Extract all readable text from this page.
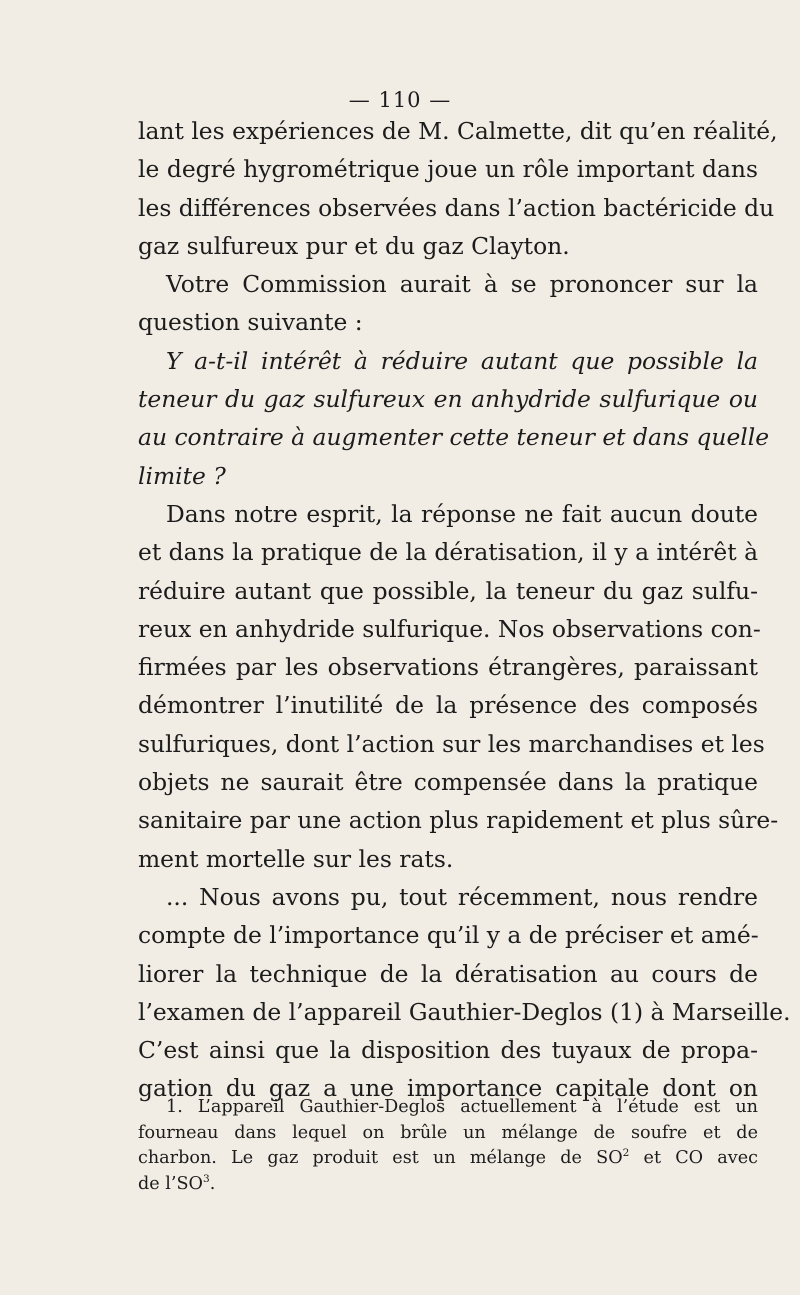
— 110 —

lant les expériences de M. Calmette, dit qu’en réalité,
le degré hygrométrique joue un rôle important dans
les différences observées dans l’action bactéricide du
gaz sulfureux pur et du gaz Clayton.

Votre Commission aurait à se prononcer sur la
question suivante :

Y a-t-il intérêt à réduire autant que possible la
teneur du gaz sulfureux en anhydride sulfurique ou
au contraire à augmenter cette teneur et dans quelle
limite ?

Dans notre esprit, la réponse ne fait aucun doute
et dans la pratique de la dératisation, il y a intérêt à
réduire autant que possible, la teneur du gaz sulfu-
reux en anhydride sulfurique. Nos observations con-
firmées par les observations étrangères, paraissant
démontrer l’inutilité de la présence des composés
sulfuriques, dont l’action sur les marchandises et les
objets ne saurait être compensée dans la pratique
sanitaire par une action plus rapidement et plus sûre-
ment mortelle sur les rats.

... Nous avons pu, tout récemment, nous rendre
compte de l’importance qu’il y a de préciser et amé-
liorer la technique de la dératisation au cours de
l’examen de l’appareil Gauthier-Deglos (1) à Marseille.
C’est ainsi que la disposition des tuyaux de propa-
gation du gaz a une importance capitale dont on

1. L’appareil Gauthier-Deglos actuellement à l’étude est un
fourneau dans lequel on brûle un mélange de soufre et de
charbon. Le gaz produit est un mélange de $SO^2$ et CO avec
de $l’SO^3$.
